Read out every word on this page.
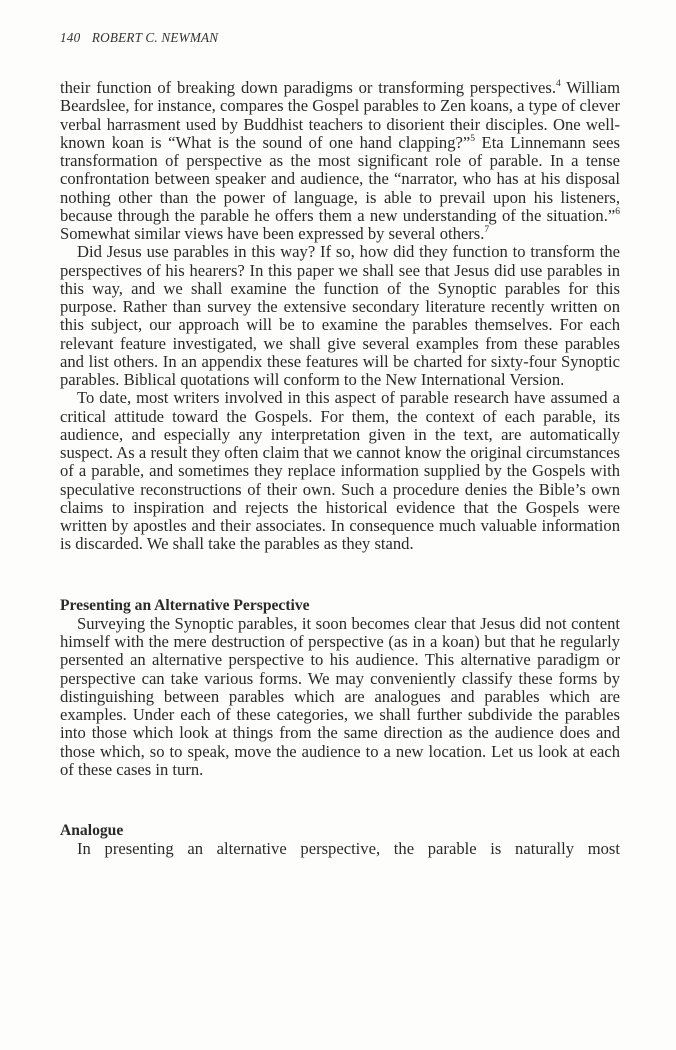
140 ROBERT C. NEWMAN

their function of breaking down paradigms or transforming perspectives.$^4$ William Beardslee, for instance, compares the Gospel parables to Zen koans, a type of clever verbal harrasment used by Buddhist teachers to disorient their disciples. One well-known koan is “What is the sound of one hand clapping?”$^5$ Eta Linnemann sees transformation of perspective as the most significant role of parable. In a tense confrontation between speaker and audience, the “narrator, who has at his disposal nothing other than the power of language, is able to prevail upon his listeners, because through the parable he offers them a new understanding of the situation.”$^6$ Somewhat similar views have been expressed by several others.$^7$

Did Jesus use parables in this way? If so, how did they function to transform the perspectives of his hearers? In this paper we shall see that Jesus did use parables in this way, and we shall examine the function of the Synoptic parables for this purpose. Rather than survey the extensive secondary literature recently written on this subject, our approach will be to examine the parables themselves. For each relevant feature investigated, we shall give several examples from these parables and list others. In an appendix these features will be charted for sixty-four Synoptic parables. Biblical quotations will conform to the New International Version.

To date, most writers involved in this aspect of parable research have assumed a critical attitude toward the Gospels. For them, the context of each parable, its audience, and especially any interpretation given in the text, are automatically suspect. As a result they often claim that we cannot know the original circumstances of a parable, and sometimes they replace information supplied by the Gospels with speculative reconstructions of their own. Such a procedure denies the Bible’s own claims to inspiration and rejects the historical evidence that the Gospels were written by apostles and their associates. In consequence much valuable information is discarded. We shall take the parables as they stand.

Presenting an Alternative Perspective

Surveying the Synoptic parables, it soon becomes clear that Jesus did not content himself with the mere destruction of perspective (as in a koan) but that he regularly persented an alternative perspective to his audience. This alternative paradigm or perspective can take various forms. We may conveniently classify these forms by distinguishing between parables which are analogues and parables which are examples. Under each of these categories, we shall further subdivide the parables into those which look at things from the same direction as the audience does and those which, so to speak, move the audience to a new location. Let us look at each of these cases in turn.

Analogue

In presenting an alternative perspective, the parable is naturally most
